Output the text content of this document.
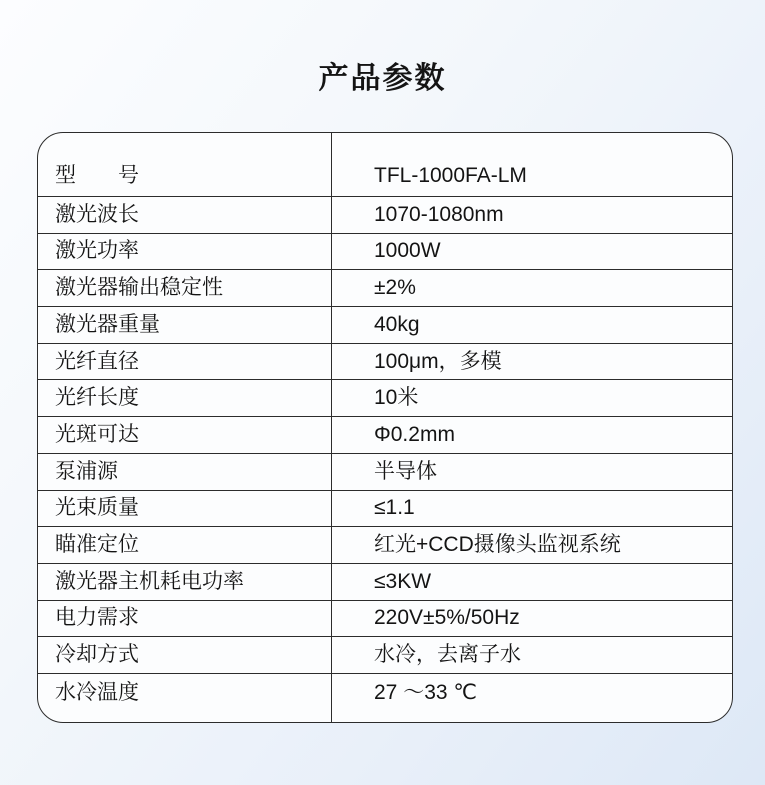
产品参数
型　　号	TFL-1000FA-LM
激光波长	1070-1080nm
激光功率	1000W
激光器输出稳定性	±2%
激光器重量	40kg
光纤直径	100μm，多模
光纤长度	10米
光斑可达	Φ0.2mm
泵浦源	半导体
光束质量	≤1.1
瞄准定位	红光+CCD摄像头监视系统
激光器主机耗电功率	≤3KW
电力需求	220V±5%/50Hz
冷却方式	水冷，去离子水
水冷温度	27 ～33 ℃
